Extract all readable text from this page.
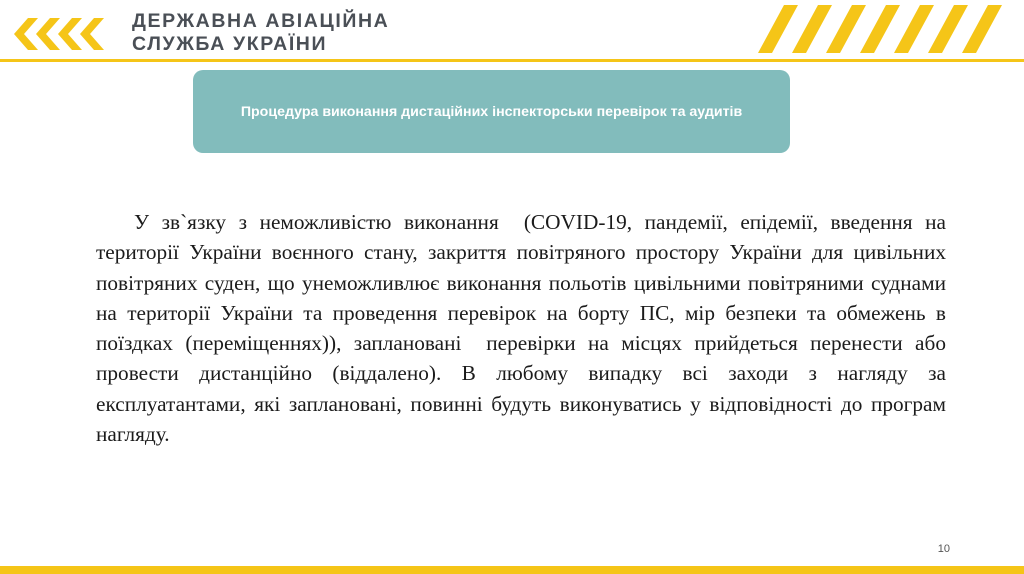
ДЕРЖАВНА АВІАЦІЙНА
СЛУЖБА УКРАЇНИ
Процедура виконання дистаційних інспекторськи перевірок та аудитів

У зв`язку з неможливістю виконання  (COVID-19, пандемії, епідемії, введення на території України воєнного стану, закриття повітряного простору України для цивільних  повітряних суден, що унеможливлює виконання польотів цивільними повітряними суднами на території України та проведення перевірок на борту ПС, мір безпеки та обмежень в поїздках (переміщеннях)), заплановані  перевірки на місцях прийдеться перенести або провести дистанційно (віддалено). В любому випадку всі заходи з нагляду за експлуатантами, які заплановані, повинні будуть виконуватись у відповідності до програм нагляду.

10
